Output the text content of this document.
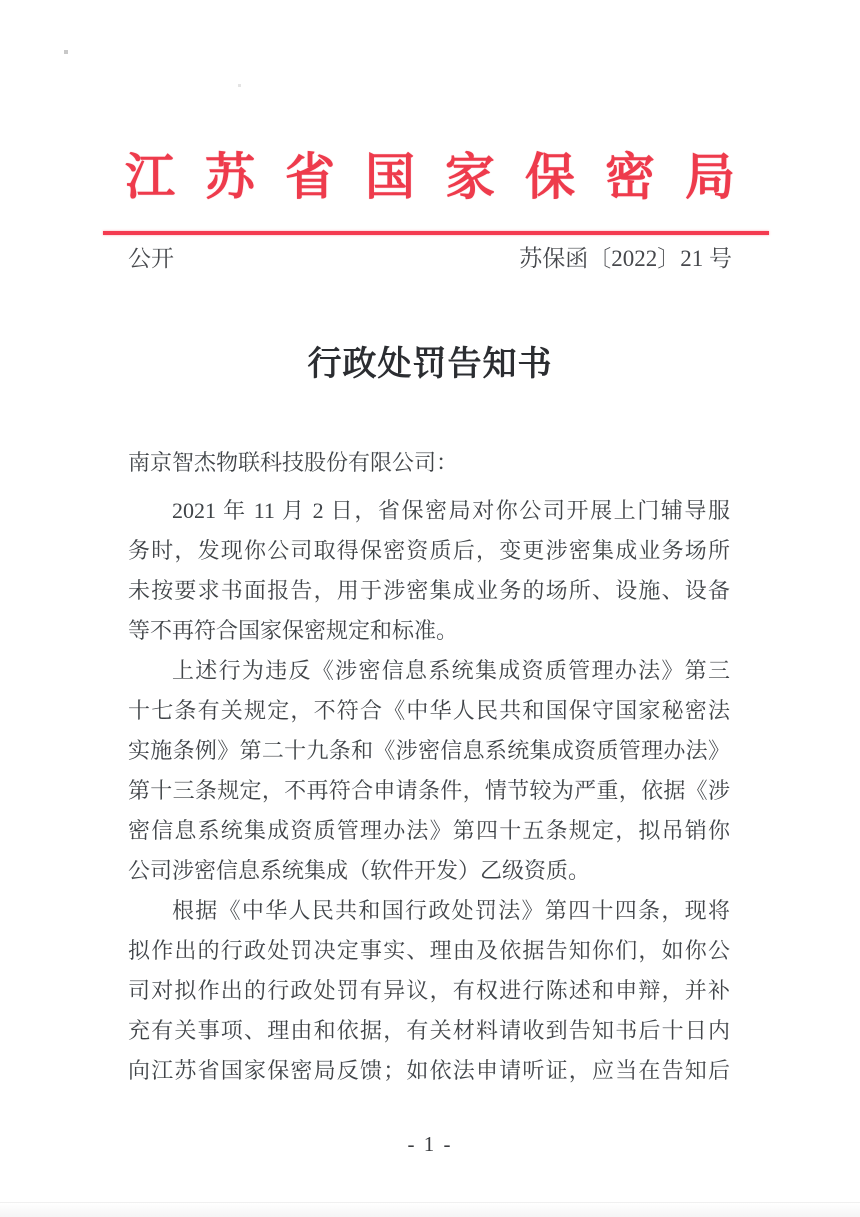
江苏省国家保密局
公开	苏保函〔2022〕21 号
行政处罚告知书
南京智杰物联科技股份有限公司：
2021 年 11 月 2 日，省保密局对你公司开展上门辅导服
务时，发现你公司取得保密资质后，变更涉密集成业务场所
未按要求书面报告，用于涉密集成业务的场所、设施、设备
等不再符合国家保密规定和标准。
上述行为违反《涉密信息系统集成资质管理办法》第三
十七条有关规定，不符合《中华人民共和国保守国家秘密法
实施条例》第二十九条和《涉密信息系统集成资质管理办法》
第十三条规定，不再符合申请条件，情节较为严重，依据《涉
密信息系统集成资质管理办法》第四十五条规定，拟吊销你
公司涉密信息系统集成（软件开发）乙级资质。
根据《中华人民共和国行政处罚法》第四十四条，现将
拟作出的行政处罚决定事实、理由及依据告知你们，如你公
司对拟作出的行政处罚有异议，有权进行陈述和申辩，并补
充有关事项、理由和依据，有关材料请收到告知书后十日内
向江苏省国家保密局反馈；如依法申请听证，应当在告知后
- 1 -
